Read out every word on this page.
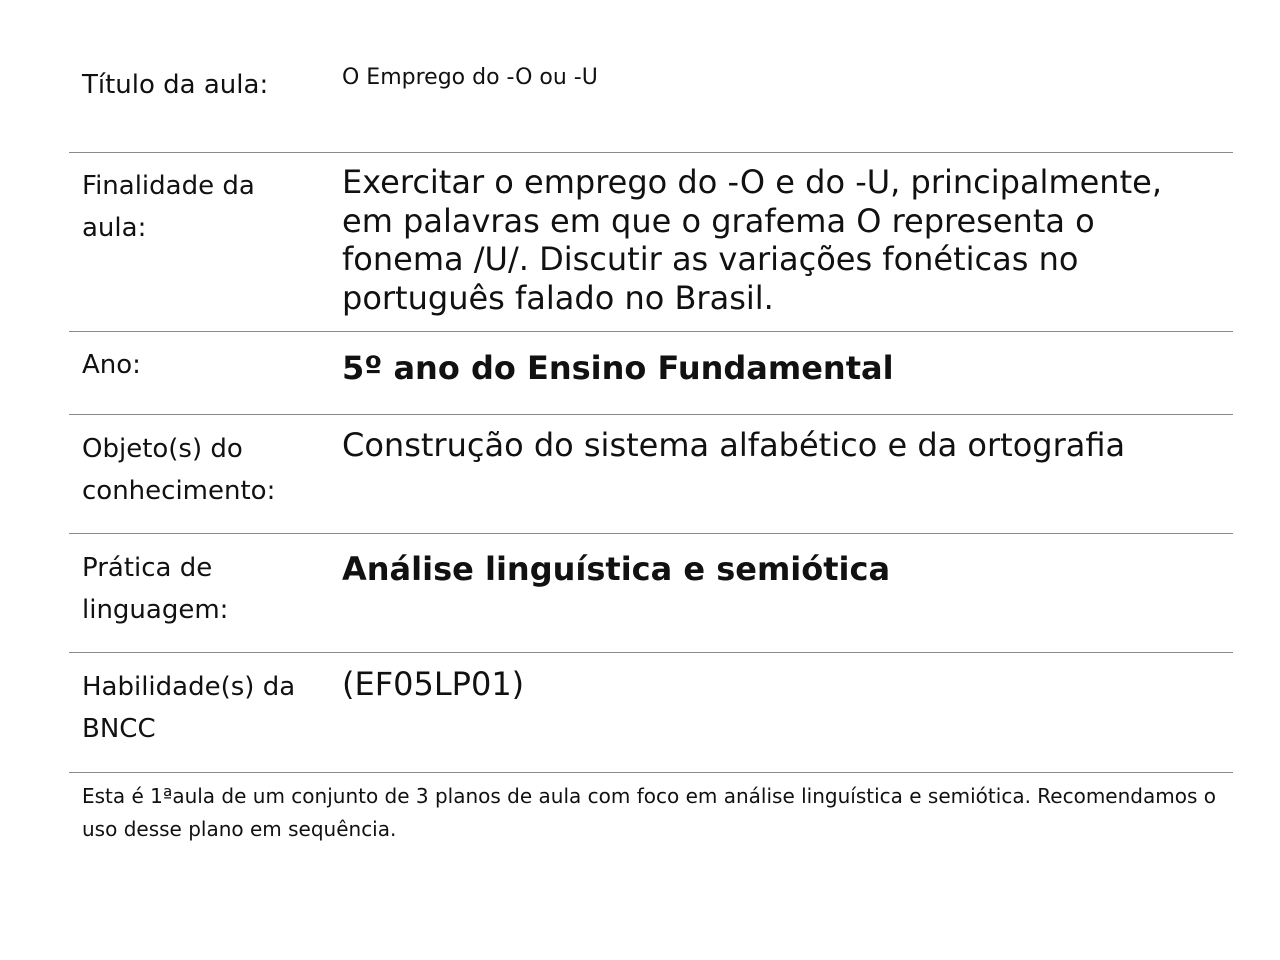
Título da aula:	O Emprego do -O ou -U
Finalidade da aula:
Exercitar o emprego do -O e do -U, principalmente, em palavras em que o grafema O representa o fonema /U/. Discutir as variações fonéticas no português falado no Brasil.
Ano:	5º ano do Ensino Fundamental
Objeto(s) do conhecimento:
Construção do sistema alfabético e da ortografia
Prática de linguagem:
Análise linguística e semiótica
Habilidade(s) da BNCC
(EF05LP01)
Esta é 1ªaula de um conjunto de 3 planos de aula com foco em análise linguística e semiótica. Recomendamos o uso desse plano em sequência.
